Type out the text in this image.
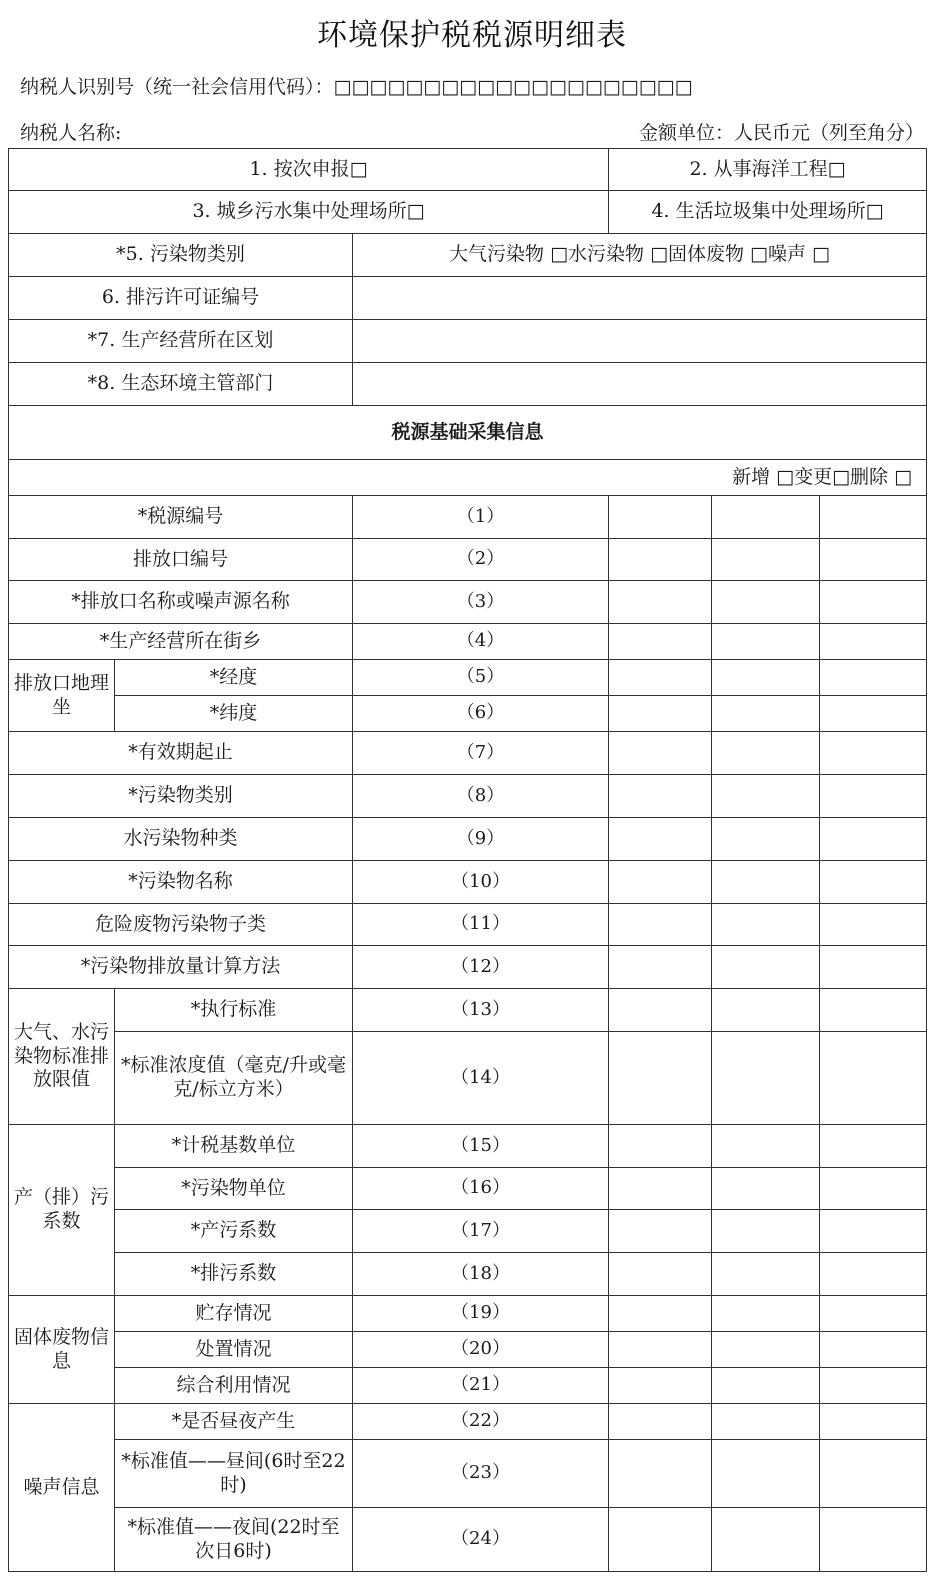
环境保护税税源明细表
纳税人识别号（统一社会信用代码）：□□□□□□□□□□□□□□□□□□□□
纳税人名称:	金额单位：人民币元（列至角分）
1. 按次申报□			2. 从事海洋工程□		
3. 城乡污水集中处理场所□			4. 生活垃圾集中处理场所□		
*5. 污染物类别		大气污染物 □水污染物 □固体废物 □噪声 □			
6. 排污许可证编号					
*7. 生产经营所在区划					
*8. 生态环境主管部门					
税源基础采集信息					
新增 □变更□删除 □					
*税源编号		（1）			
排放口编号		（2）			
*排放口名称或噪声源名称		（3）			
*生产经营所在街乡		（4）			
排放口地理坐	*经度	（5）			
	*纬度	（6）			
*有效期起止		（7）			
*污染物类别		（8）			
水污染物种类		（9）			
*污染物名称		（10）			
危险废物污染物子类		（11）			
*污染物排放量计算方法		（12）			
大气、水污染物标准排放限值	*执行标准	（13）			
	*标准浓度值（毫克/升或毫克/标立方米）	（14）			
产（排）污系数	*计税基数单位	（15）			
	*污染物单位	（16）			
	*产污系数	（17）			
	*排污系数	（18）			
固体废物信息	贮存情况	（19）			
	处置情况	（20）			
	综合利用情况	（21）			
噪声信息	*是否昼夜产生	（22）			
	*标准值——昼间(6时至22时)	（23）			
	*标准值——夜间(22时至次日6时)	（24）			
